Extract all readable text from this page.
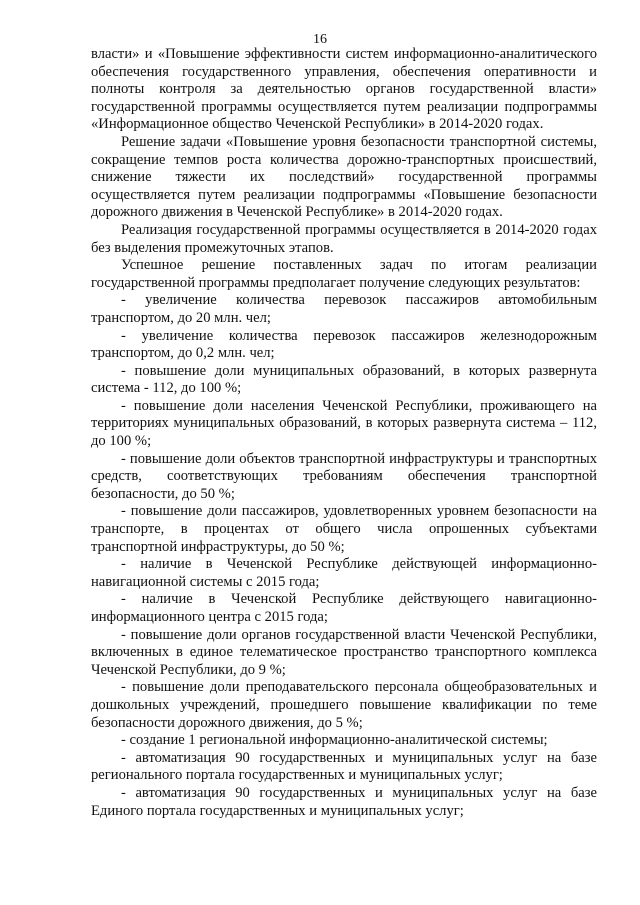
16

власти» и «Повышение эффективности систем информационно-аналитического обеспечения государственного управления, обеспечения оперативности и полноты контроля за деятельностью органов государственной власти» государственной программы осуществляется путем реализации подпрограммы «Информационное общество Чеченской Республики» в 2014-2020 годах.

Решение задачи «Повышение уровня безопасности транспортной системы, сокращение темпов роста количества дорожно-транспортных происшествий, снижение тяжести их последствий» государственной программы осуществляется путем реализации подпрограммы «Повышение безопасности дорожного движения в Чеченской Республике» в 2014-2020 годах.

Реализация государственной программы осуществляется в 2014-2020 годах без выделения промежуточных этапов.

Успешное решение поставленных задач по итогам реализации государственной программы предполагает получение следующих результатов:

- увеличение количества перевозок пассажиров автомобильным транспортом, до 20 млн. чел;

- увеличение количества перевозок пассажиров железнодорожным транспортом, до 0,2 млн. чел;

- повышение доли муниципальных образований, в которых развернута система - 112, до 100 %;

- повышение доли населения Чеченской Республики, проживающего на территориях муниципальных образований, в которых развернута система – 112, до 100 %;

- повышение доли объектов транспортной инфраструктуры и транспортных средств, соответствующих требованиям обеспечения транспортной безопасности, до 50 %;

- повышение доли пассажиров, удовлетворенных уровнем безопасности на транспорте, в процентах от общего числа опрошенных субъектами транспортной инфраструктуры, до 50 %;

- наличие в Чеченской Республике действующей информационно-навигационной системы с 2015 года;

- наличие в Чеченской Республике действующего навигационно-информационного центра с 2015 года;

- повышение доли органов государственной власти Чеченской Республики, включенных в единое телематическое пространство транспортного комплекса Чеченской Республики, до 9 %;

- повышение доли преподавательского персонала общеобразовательных и дошкольных учреждений, прошедшего повышение квалификации по теме безопасности дорожного движения, до 5 %;

- создание 1 региональной информационно-аналитической системы;

- автоматизация 90 государственных и муниципальных услуг на базе регионального портала государственных и муниципальных услуг;

- автоматизация 90 государственных и муниципальных услуг на базе Единого портала государственных и муниципальных услуг;
